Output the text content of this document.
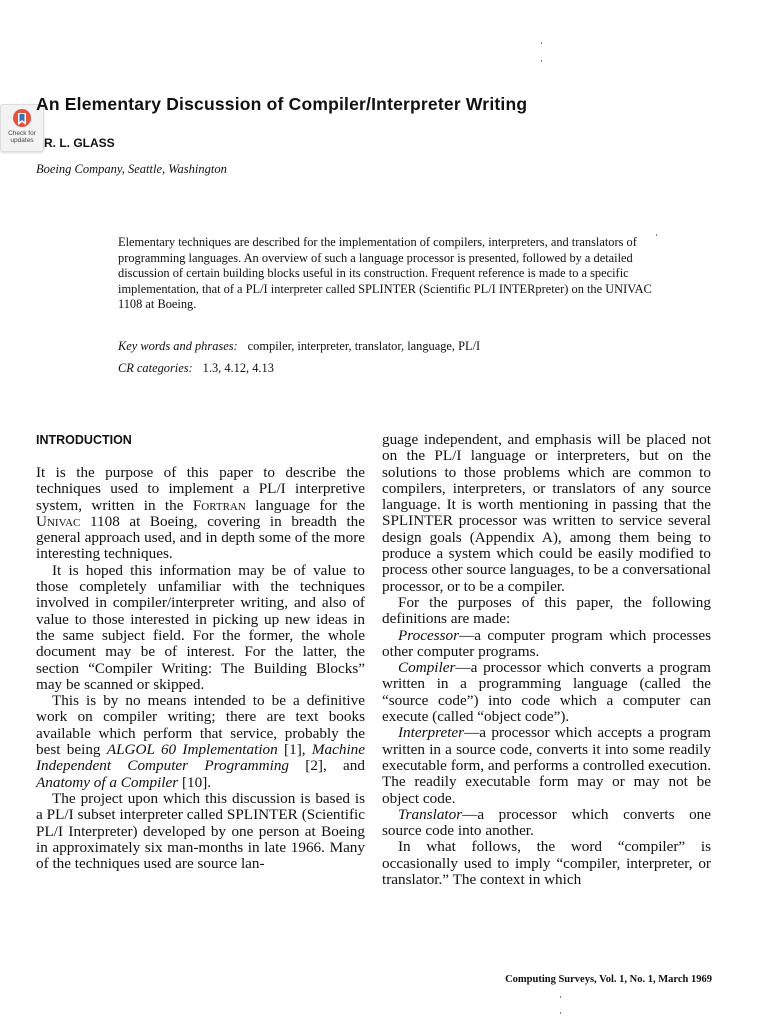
Check for
updates
An Elementary Discussion of Compiler/Interpreter Writing
R. L. GLASS
Boeing Company, Seattle, Washington
Elementary techniques are described for the implementation of compilers, interpreters, and translators of programming languages. An overview of such a language processor is presented, followed by a detailed discussion of certain building blocks useful in its construction. Frequent reference is made to a specific implementation, that of a PL/I interpreter called SPLINTER (Scientific PL/I INTERpreter) on the UNIVAC 1108 at Boeing.
Key words and phrases: compiler, interpreter, translator, language, PL/I
CR categories: 1.3, 4.12, 4.13
INTRODUCTION

It is the purpose of this paper to describe the techniques used to implement a PL/I interpretive system, written in the Fortran language for the Univac 1108 at Boeing, covering in breadth the general approach used, and in depth some of the more interesting techniques.

It is hoped this information may be of value to those completely unfamiliar with the techniques involved in compiler/interpreter writing, and also of value to those interested in picking up new ideas in the same subject field. For the former, the whole document may be of interest. For the latter, the section “Compiler Writing: The Building Blocks” may be scanned or skipped.

This is by no means intended to be a definitive work on compiler writing; there are text books available which perform that service, probably the best being ALGOL 60 Implementation [1], Machine Independent Computer Programming [2], and Anatomy of a Compiler [10].

The project upon which this discussion is based is a PL/I subset interpreter called SPLINTER (Scientific PL/I Interpreter) developed by one person at Boeing in approximately six man-months in late 1966. Many of the techniques used are source lan-

guage independent, and emphasis will be placed not on the PL/I language or interpreters, but on the solutions to those problems which are common to compilers, interpreters, or translators of any source language. It is worth mentioning in passing that the SPLINTER processor was written to service several design goals (Appendix A), among them being to produce a system which could be easily modified to process other source languages, to be a conversational processor, or to be a compiler.

For the purposes of this paper, the following definitions are made:

Processor—a computer program which processes other computer programs.

Compiler—a processor which converts a program written in a programming language (called the “source code”) into code which a computer can execute (called “object code”).

Interpreter—a processor which accepts a program written in a source code, converts it into some readily executable form, and performs a controlled execution. The readily executable form may or may not be object code.

Translator—a processor which converts one source code into another.

In what follows, the word “compiler” is occasionally used to imply “compiler, interpreter, or translator.” The context in which

Computing Surveys, Vol. 1, No. 1, March 1969
